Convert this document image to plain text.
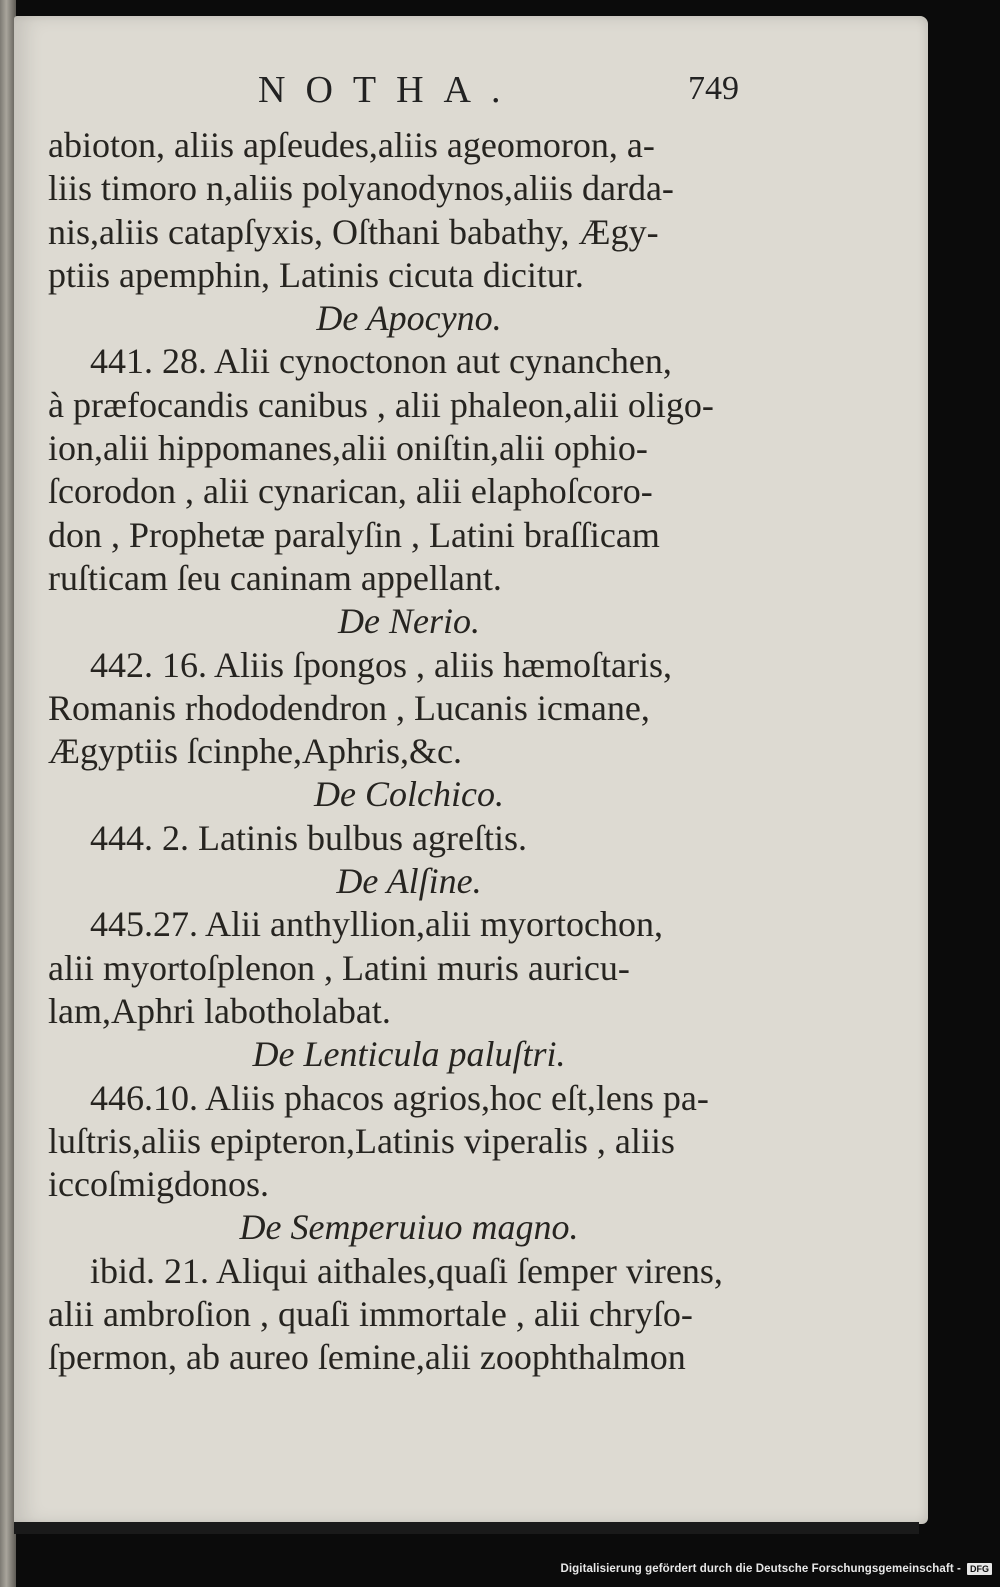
NOTHA.	749
abioton, aliis apſeudes,aliis ageomoron, a-
liis timoro n,aliis polyanodynos,aliis darda-
nis,aliis catapſyxis, Oſthani babathy, Ægy-
ptiis apemphin, Latinis cicuta dicitur.
De Apocyno.
441. 28. Alii cynoctonon aut cynanchen,
à præfocandis canibus , alii phaleon,alii oligo-
ion,alii hippomanes,alii oniſtin,alii ophio-
ſcorodon , alii cynarican, alii elaphoſcoro-
don , Prophetæ paralyſin , Latini braſſicam
ruſticam ſeu caninam appellant.
De Nerio.
442. 16. Aliis ſpongos , aliis hæmoſtaris,
Romanis rhododendron , Lucanis icmane,
Ægyptiis ſcinphe,Aphris,&c.
De Colchico.
444. 2. Latinis bulbus agreſtis.
De Alſine.
445.27. Alii anthyllion,alii myortochon,
alii myortoſplenon , Latini muris auricu-
lam,Aphri labotholabat.
De Lenticula paluſtri.
446.10. Aliis phacos agrios,hoc eſt,lens pa-
luſtris,aliis epipteron,Latinis viperalis , aliis
iccoſmigdonos.
De Semperuiuo magno.
ibid. 21. Aliqui aithales,quaſi ſemper virens,
alii ambroſion , quaſi immortale , alii chryſo-
ſpermon, ab aureo ſemine,alii zoophthalmon
Digitalisierung gefördert durch die Deutsche Forschungsgemeinschaft -	DFG
